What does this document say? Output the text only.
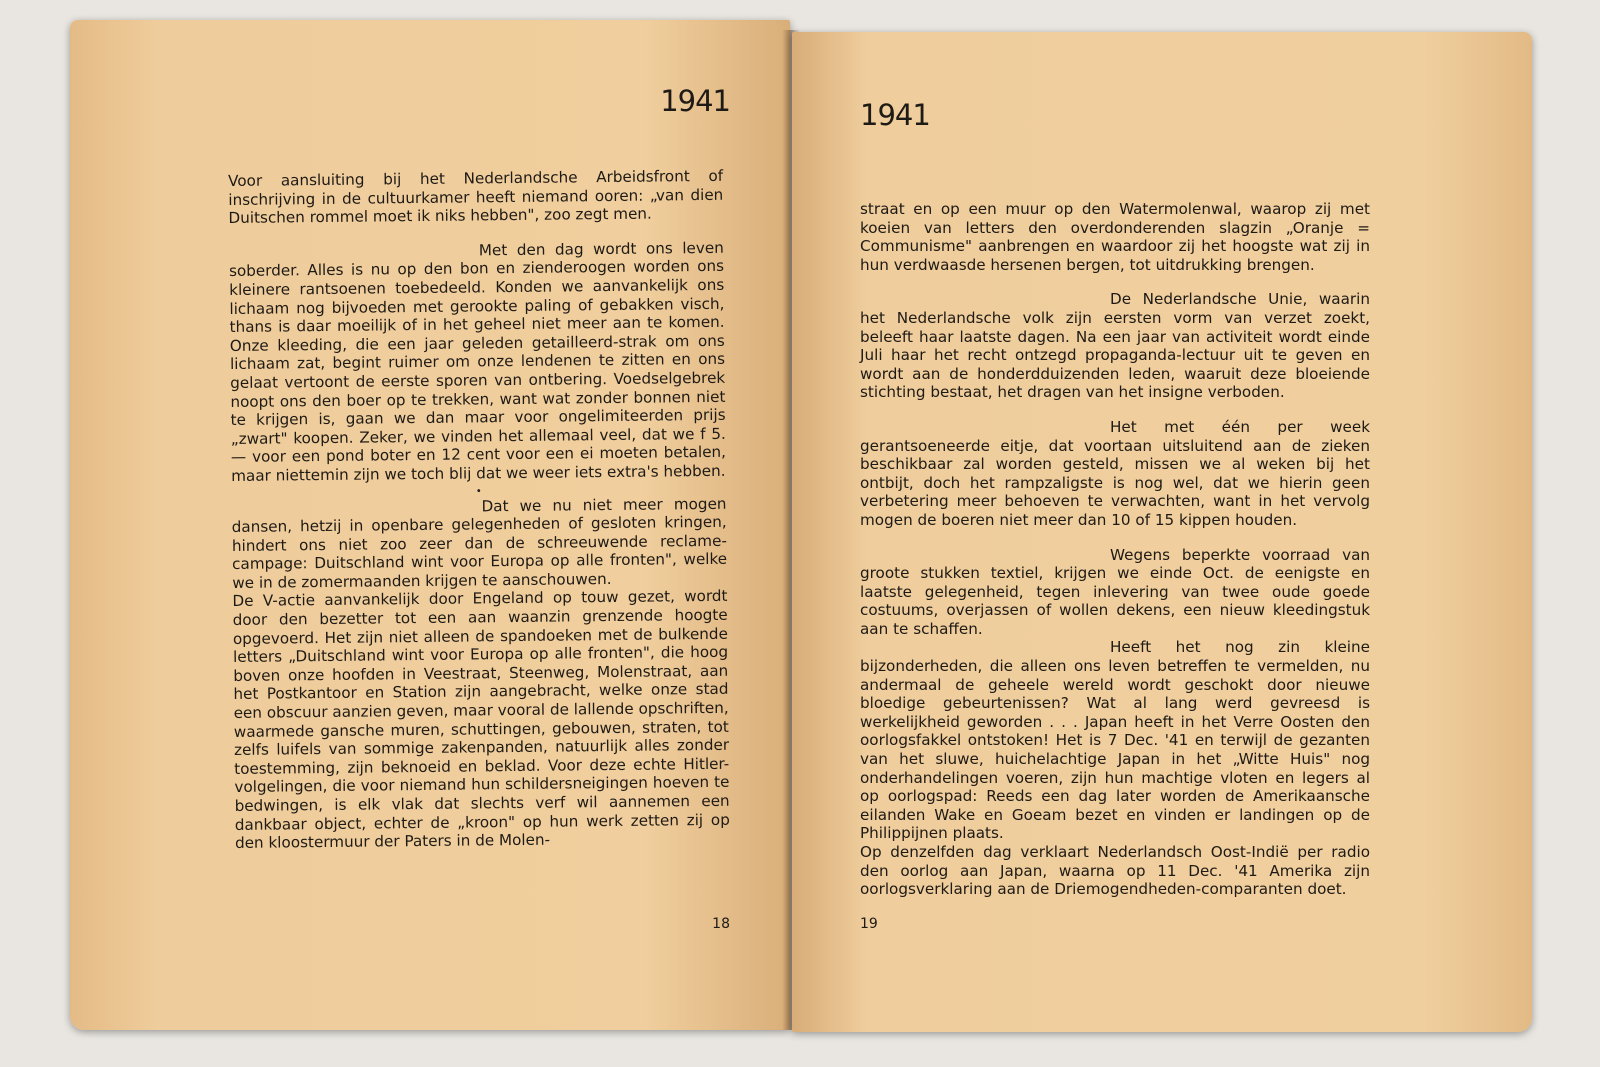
1941

Voor aansluiting bij het Nederlandsche Arbeidsfront of inschrijving in de cultuurkamer heeft niemand ooren: „van dien Duitschen rommel moet ik niks hebben", zoo zegt men.

Met den dag wordt ons leven soberder. Alles is nu op den bon en zienderoogen worden ons kleinere rantsoenen toebedeeld. Konden we aanvankelijk ons lichaam nog bijvoeden met gerookte paling of gebakken visch, thans is daar moeilijk of in het geheel niet meer aan te komen. Onze kleeding, die een jaar geleden getailleerd-strak om ons lichaam zat, begint ruimer om onze lendenen te zitten en ons gelaat vertoont de eerste sporen van ontbering. Voedselgebrek noopt ons den boer op te trekken, want wat zonder bonnen niet te krijgen is, gaan we dan maar voor ongelimiteerden prijs „zwart" koopen. Zeker, we vinden het allemaal veel, dat we f 5.— voor een pond boter en 12 cent voor een ei moeten betalen, maar niettemin zijn we toch blij dat we weer iets extra's hebben.

•

Dat we nu niet meer mogen dansen, hetzij in openbare gelegenheden of gesloten kringen, hindert ons niet zoo zeer dan de schreeuwende reclame-campage: Duitschland wint voor Europa op alle fronten", welke we in de zomermaanden krijgen te aanschouwen.

De V-actie aanvankelijk door Engeland op touw gezet, wordt door den bezetter tot een aan waanzin grenzende hoogte opgevoerd. Het zijn niet alleen de spandoeken met de bulkende letters „Duitschland wint voor Europa op alle fronten", die hoog boven onze hoofden in Veestraat, Steenweg, Molenstraat, aan het Postkantoor en Station zijn aangebracht, welke onze stad een obscuur aanzien geven, maar vooral de lallende opschriften, waarmede gansche muren, schuttingen, gebouwen, straten, tot zelfs luifels van sommige zakenpanden, natuurlijk alles zonder toestemming, zijn beknoeid en beklad. Voor deze echte Hitler-volgelingen, die voor niemand hun schildersneigingen hoeven te bedwingen, is elk vlak dat slechts verf wil aannemen een dankbaar object, echter de „kroon" op hun werk zetten zij op den kloostermuur der Paters in de Molen-

18
1941

straat en op een muur op den Watermolenwal, waarop zij met koeien van letters den overdonderenden slagzin „Oranje = Communisme" aanbrengen en waardoor zij het hoogste wat zij in hun verdwaasde hersenen bergen, tot uitdrukking brengen.

De Nederlandsche Unie, waarin het Nederlandsche volk zijn eersten vorm van verzet zoekt, beleeft haar laatste dagen. Na een jaar van activiteit wordt einde Juli haar het recht ontzegd propaganda-lectuur uit te geven en wordt aan de honderdduizenden leden, waaruit deze bloeiende stichting bestaat, het dragen van het insigne verboden.

Het met één per week gerantsoeneerde eitje, dat voortaan uitsluitend aan de zieken beschikbaar zal worden gesteld, missen we al weken bij het ontbijt, doch het rampzaligste is nog wel, dat we hierin geen verbetering meer behoeven te verwachten, want in het vervolg mogen de boeren niet meer dan 10 of 15 kippen houden.

Wegens beperkte voorraad van groote stukken textiel, krijgen we einde Oct. de eenigste en laatste gelegenheid, tegen inlevering van twee oude goede costuums, overjassen of wollen dekens, een nieuw kleedingstuk aan te schaffen.

Heeft het nog zin kleine bijzonderheden, die alleen ons leven betreffen te vermelden, nu andermaal de geheele wereld wordt geschokt door nieuwe bloedige gebeurtenissen? Wat al lang werd gevreesd is werkelijkheid geworden . . . Japan heeft in het Verre Oosten den oorlogsfakkel ontstoken! Het is 7 Dec. '41 en terwijl de gezanten van het sluwe, huichelachtige Japan in het „Witte Huis" nog onderhandelingen voeren, zijn hun machtige vloten en legers al op oorlogspad: Reeds een dag later worden de Amerikaansche eilanden Wake en Goeam bezet en vinden er landingen op de Philippijnen plaats.

Op denzelfden dag verklaart Nederlandsch Oost-Indië per radio den oorlog aan Japan, waarna op 11 Dec. '41 Amerika zijn oorlogsverklaring aan de Driemogendheden-comparanten doet.

19
